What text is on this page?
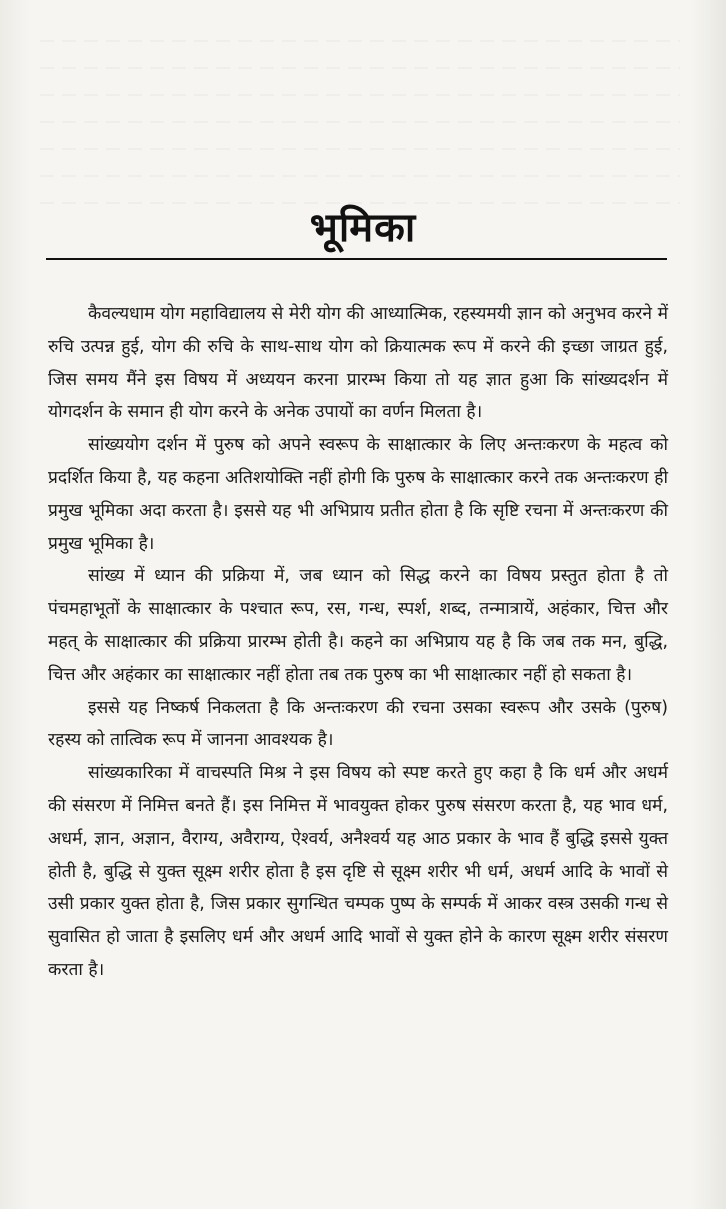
भूमिका

कैवल्यधाम योग महाविद्यालय से मेरी योग की आध्यात्मिक, रहस्यमयी ज्ञान को अनुभव करने में रुचि उत्पन्न हुई, योग की रुचि के साथ-साथ योग को क्रियात्मक रूप में करने की इच्छा जाग्रत हुई, जिस समय मैंने इस विषय में अध्ययन करना प्रारम्भ किया तो यह ज्ञात हुआ कि सांख्यदर्शन में योगदर्शन के समान ही योग करने के अनेक उपायों का वर्णन मिलता है।

सांख्ययोग दर्शन में पुरुष को अपने स्वरूप के साक्षात्कार के लिए अन्तःकरण के महत्व को प्रदर्शित किया है, यह कहना अतिशयोक्ति नहीं होगी कि पुरुष के साक्षात्कार करने तक अन्तःकरण ही प्रमुख भूमिका अदा करता है। इससे यह भी अभिप्राय प्रतीत होता है कि सृष्टि रचना में अन्तःकरण की प्रमुख भूमिका है।

सांख्य में ध्यान की प्रक्रिया में, जब ध्यान को सिद्ध करने का विषय प्रस्तुत होता है तो पंचमहाभूतों के साक्षात्कार के पश्चात रूप, रस, गन्ध, स्पर्श, शब्द, तन्मात्रायें, अहंकार, चित्त और महत् के साक्षात्कार की प्रक्रिया प्रारम्भ होती है। कहने का अभिप्राय यह है कि जब तक मन, बुद्धि, चित्त और अहंकार का साक्षात्कार नहीं होता तब तक पुरुष का भी साक्षात्कार नहीं हो सकता है।

इससे यह निष्कर्ष निकलता है कि अन्तःकरण की रचना उसका स्वरूप और उसके (पुरुष) रहस्य को तात्विक रूप में जानना आवश्यक है।

सांख्यकारिका में वाचस्पति मिश्र ने इस विषय को स्पष्ट करते हुए कहा है कि धर्म और अधर्म की संसरण में निमित्त बनते हैं। इस निमित्त में भावयुक्त होकर पुरुष संसरण करता है, यह भाव धर्म, अधर्म, ज्ञान, अज्ञान, वैराग्य, अवैराग्य, ऐश्वर्य, अनैश्वर्य यह आठ प्रकार के भाव हैं बुद्धि इससे युक्त होती है, बुद्धि से युक्त सूक्ष्म शरीर होता है इस दृष्टि से सूक्ष्म शरीर भी धर्म, अधर्म आदि के भावों से उसी प्रकार युक्त होता है, जिस प्रकार सुगन्धित चम्पक पुष्प के सम्पर्क में आकर वस्त्र उसकी गन्ध से सुवासित हो जाता है इसलिए धर्म और अधर्म आदि भावों से युक्त होने के कारण सूक्ष्म शरीर संसरण करता है।
